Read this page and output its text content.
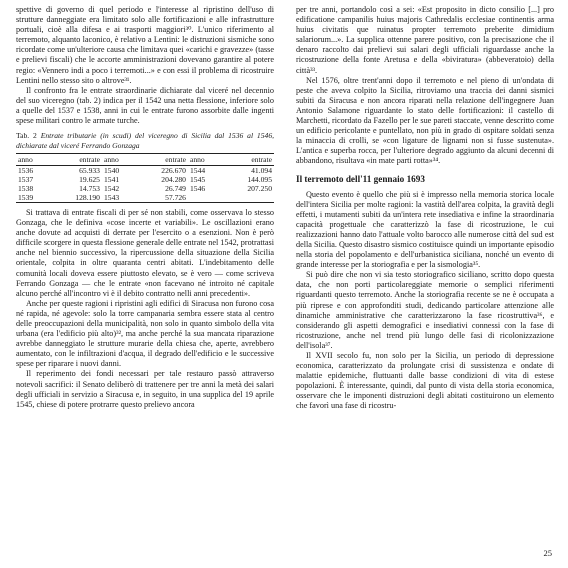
spettive di governo di quel periodo e l'interesse al ripristino dell'uso di strutture danneggiate era limitato solo alle fortificazioni e alle infrastrutture portuali, cioè alla difesa e ai trasporti maggiori³⁰. L'unico riferimento al terremoto, alquanto laconico, è relativo a Lentini: le distruzioni sismiche sono ricordate come un'ulteriore causa che limitava quei «carichi e gravezze» (tasse e prelievi fiscali) che le accorte amministrazioni dovevano garantire al potere regio: «Vennero indi a poco i terremoti...» e con essi il problema di ricostruire Lentini nello stesso sito o altrove³¹.

Il confronto fra le entrate straordinarie dichiarate dal viceré nel decennio del suo viceregno (tab. 2) indica per il 1542 una netta flessione, inferiore solo a quelle del 1537 e 1538, anni in cui le entrate furono assorbite dalle ingenti spese militari contro le armate turche.

Tab. 2 Entrate tributarie (in scudi) del viceregno di Sicilia dal 1536 al 1546, dichiarate dal viceré Ferrando Gonzaga

anno	entrate	anno	entrate	anno	entrate
1536	65.933	1540	226.670	1544	41.094
1537	19.625	1541	204.280	1545	144.095
1538	14.753	1542	26.749	1546	207.250
1539	128.190	1543	57.726		

Si trattava di entrate fiscali di per sé non stabili, come osservava lo stesso Gonzaga, che le definiva «cose incerte et variabili». Le oscillazioni erano anche dovute ad acquisti di derrate per l'esercito o a esenzioni. Non è però difficile scorgere in questa flessione generale delle entrate nel 1542, protrattasi anche nel biennio successivo, la ripercussione della situazione della Sicilia orientale, colpita in oltre quaranta centri abitati. L'indebitamento delle comunità locali doveva essere piuttosto elevato, se è vero — come scriveva Ferrando Gonzaga — che le entrate «non facevano né introito né capitale alcuno perché all'incontro vi è il debito contratto nelli anni precedenti».

Anche per queste ragioni i ripristini agli edifici di Siracusa non furono cosa né rapida, né agevole: solo la torre campanaria sembra essere stata al centro delle preoccupazioni della municipalità, non solo in quanto simbolo della vita urbana (era l'edificio più alto)³², ma anche perché la sua mancata riparazione avrebbe danneggiato le strutture murarie della chiesa che, aperte, avrebbero aumentato, con le infiltrazioni d'acqua, il degrado dell'edificio e le successive spese per riparare i nuovi danni.

Il reperimento dei fondi necessari per tale restauro passò attraverso notevoli sacrifici: il Senato deliberò di trattenere per tre anni la metà dei salari degli ufficiali in servizio a Siracusa e, in seguito, in una supplica del 19 aprile 1545, chiese di potere protrarre questo prelievo ancora

per tre anni, portandolo così a sei: «Est proposito in dicto consilio [...] pro edificatione campanilis huius majoris Cathredalis ecclesiae continentis arma huius civitatis que ruinatus propter terremoto preberite dimidium salariorum...». La supplica ottenne parere positivo, con la precisazione che il denaro raccolto dai prelievi sui salari degli ufficiali riguardasse anche la ricostruzione della fonte Aretusa e della «biviratura» (abbeveratoio) della città³³.

Nel 1576, oltre trent'anni dopo il terremoto e nel pieno di un'ondata di peste che aveva colpito la Sicilia, ritroviamo una traccia dei danni sismici subiti da Siracusa e non ancora riparati nella relazione dell'ingegnere Juan Antonio Salamone riguardante lo stato delle fortificazioni: il castello di Marchetti, ricordato da Fazello per le sue pareti staccate, venne descritto come un edificio pericolante e puntellato, non più in grado di ospitare soldati senza la minaccia di crolli, se «con ligature de lignami non si fusse sustenuta». L'antica e superba rocca, per l'ulteriore degrado aggiunto da alcuni decenni di abbandono, risultava «in mate parti rotta»³⁴.

Il terremoto dell'11 gennaio 1693

Questo evento è quello che più si è impresso nella memoria storica locale dell'intera Sicilia per molte ragioni: la vastità dell'area colpita, la gravità degli effetti, i mutamenti subiti da un'intera rete insediativa e infine la straordinaria capacità progettuale che caratterizzò la fase di ricostruzione, le cui realizzazioni hanno dato l'attuale volto barocco alle numerose città del sud est della Sicilia. Questo disastro sismico costituisce quindi un importante episodio nella storia del popolamento e dell'urbanistica siciliana, nonché un evento di grande interesse per la storiografia e per la sismologia³⁵.

Si può dire che non vi sia testo storiografico siciliano, scritto dopo questa data, che non porti particolareggiate memorie o semplici riferimenti riguardanti questo terremoto. Anche la storiografia recente se ne è occupata a più riprese e con approfonditi studi, dedicando particolare attenzione alle dinamiche amministrative che caratterizzarono la fase ricostruttiva³⁶, e considerando gli aspetti demografici e insediativi connessi con la fase di ricostruzione, anche nel trend più lungo delle fasi di ricolonizzazione dell'isola³⁷.

Il XVII secolo fu, non solo per la Sicilia, un periodo di depressione economica, caratterizzato da prolungate crisi di sussistenza e ondate di malattie epidemiche, fluttuanti dalle basse condizioni di vita di estese popolazioni. È interessante, quindi, dal punto di vista della storia economica, osservare che le imponenti distruzioni degli abitati costituirono un elemento che favorì una fase di ricostru-

25
